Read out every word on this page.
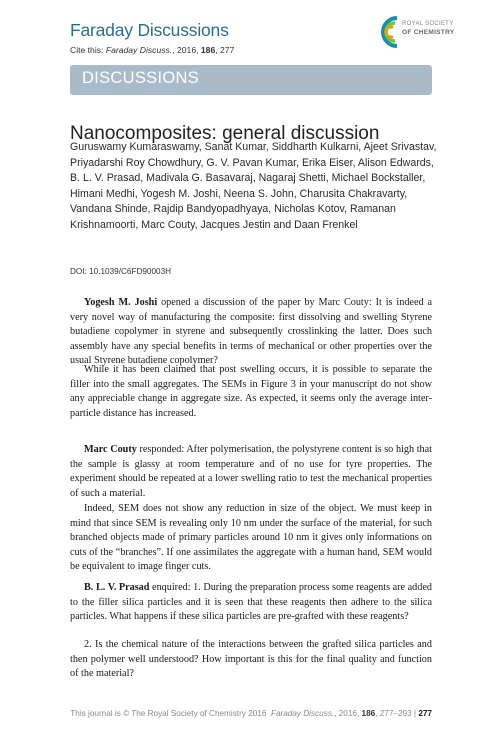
Faraday Discussions
Cite this: Faraday Discuss., 2016, 186, 277
ROYAL SOCIETY
OF CHEMISTRY
DISCUSSIONS
Nanocomposites: general discussion
Guruswamy Kumaraswamy, Sanat Kumar, Siddharth Kulkarni, Ajeet Srivastav, Priyadarshi Roy Chowdhury, G. V. Pavan Kumar, Erika Eiser, Alison Edwards, B. L. V. Prasad, Madivala G. Basavaraj, Nagaraj Shetti, Michael Bockstaller, Himani Medhi, Yogesh M. Joshi, Neena S. John, Charusita Chakravarty, Vandana Shinde, Rajdip Bandyopadhyaya, Nicholas Kotov, Ramanan Krishnamoorti, Marc Couty, Jacques Jestin and Daan Frenkel
DOI: 10.1039/C6FD90003H

Yogesh M. Joshi opened a discussion of the paper by Marc Couty: It is indeed a very novel way of manufacturing the composite: first dissolving and swelling Styrene butadiene copolymer in styrene and subsequently crosslinking the latter. Does such assembly have any special benefits in terms of mechanical or other properties over the usual Styrene butadiene copolymer?

While it has been claimed that post swelling occurs, it is possible to separate the filler into the small aggregates. The SEMs in Figure 3 in your manuscript do not show any appreciable change in aggregate size. As expected, it seems only the average inter-particle distance has increased.

Marc Couty responded: After polymerisation, the polystyrene content is so high that the sample is glassy at room temperature and of no use for tyre properties. The experiment should be repeated at a lower swelling ratio to test the mechanical properties of such a material.

Indeed, SEM does not show any reduction in size of the object. We must keep in mind that since SEM is revealing only 10 nm under the surface of the material, for such branched objects made of primary particles around 10 nm it gives only informations on cuts of the “branches”. If one assimilates the aggregate with a human hand, SEM would be equivalent to image finger cuts.

B. L. V. Prasad enquired: 1. During the preparation process some reagents are added to the filler silica particles and it is seen that these reagents then adhere to the silica particles. What happens if these silica particles are pre-grafted with these reagents?

2. Is the chemical nature of the interactions between the grafted silica particles and then polymer well understood? How important is this for the final quality and function of the material?

This journal is © The Royal Society of Chemistry 2016 Faraday Discuss., 2016, 186, 277–293 | 277
